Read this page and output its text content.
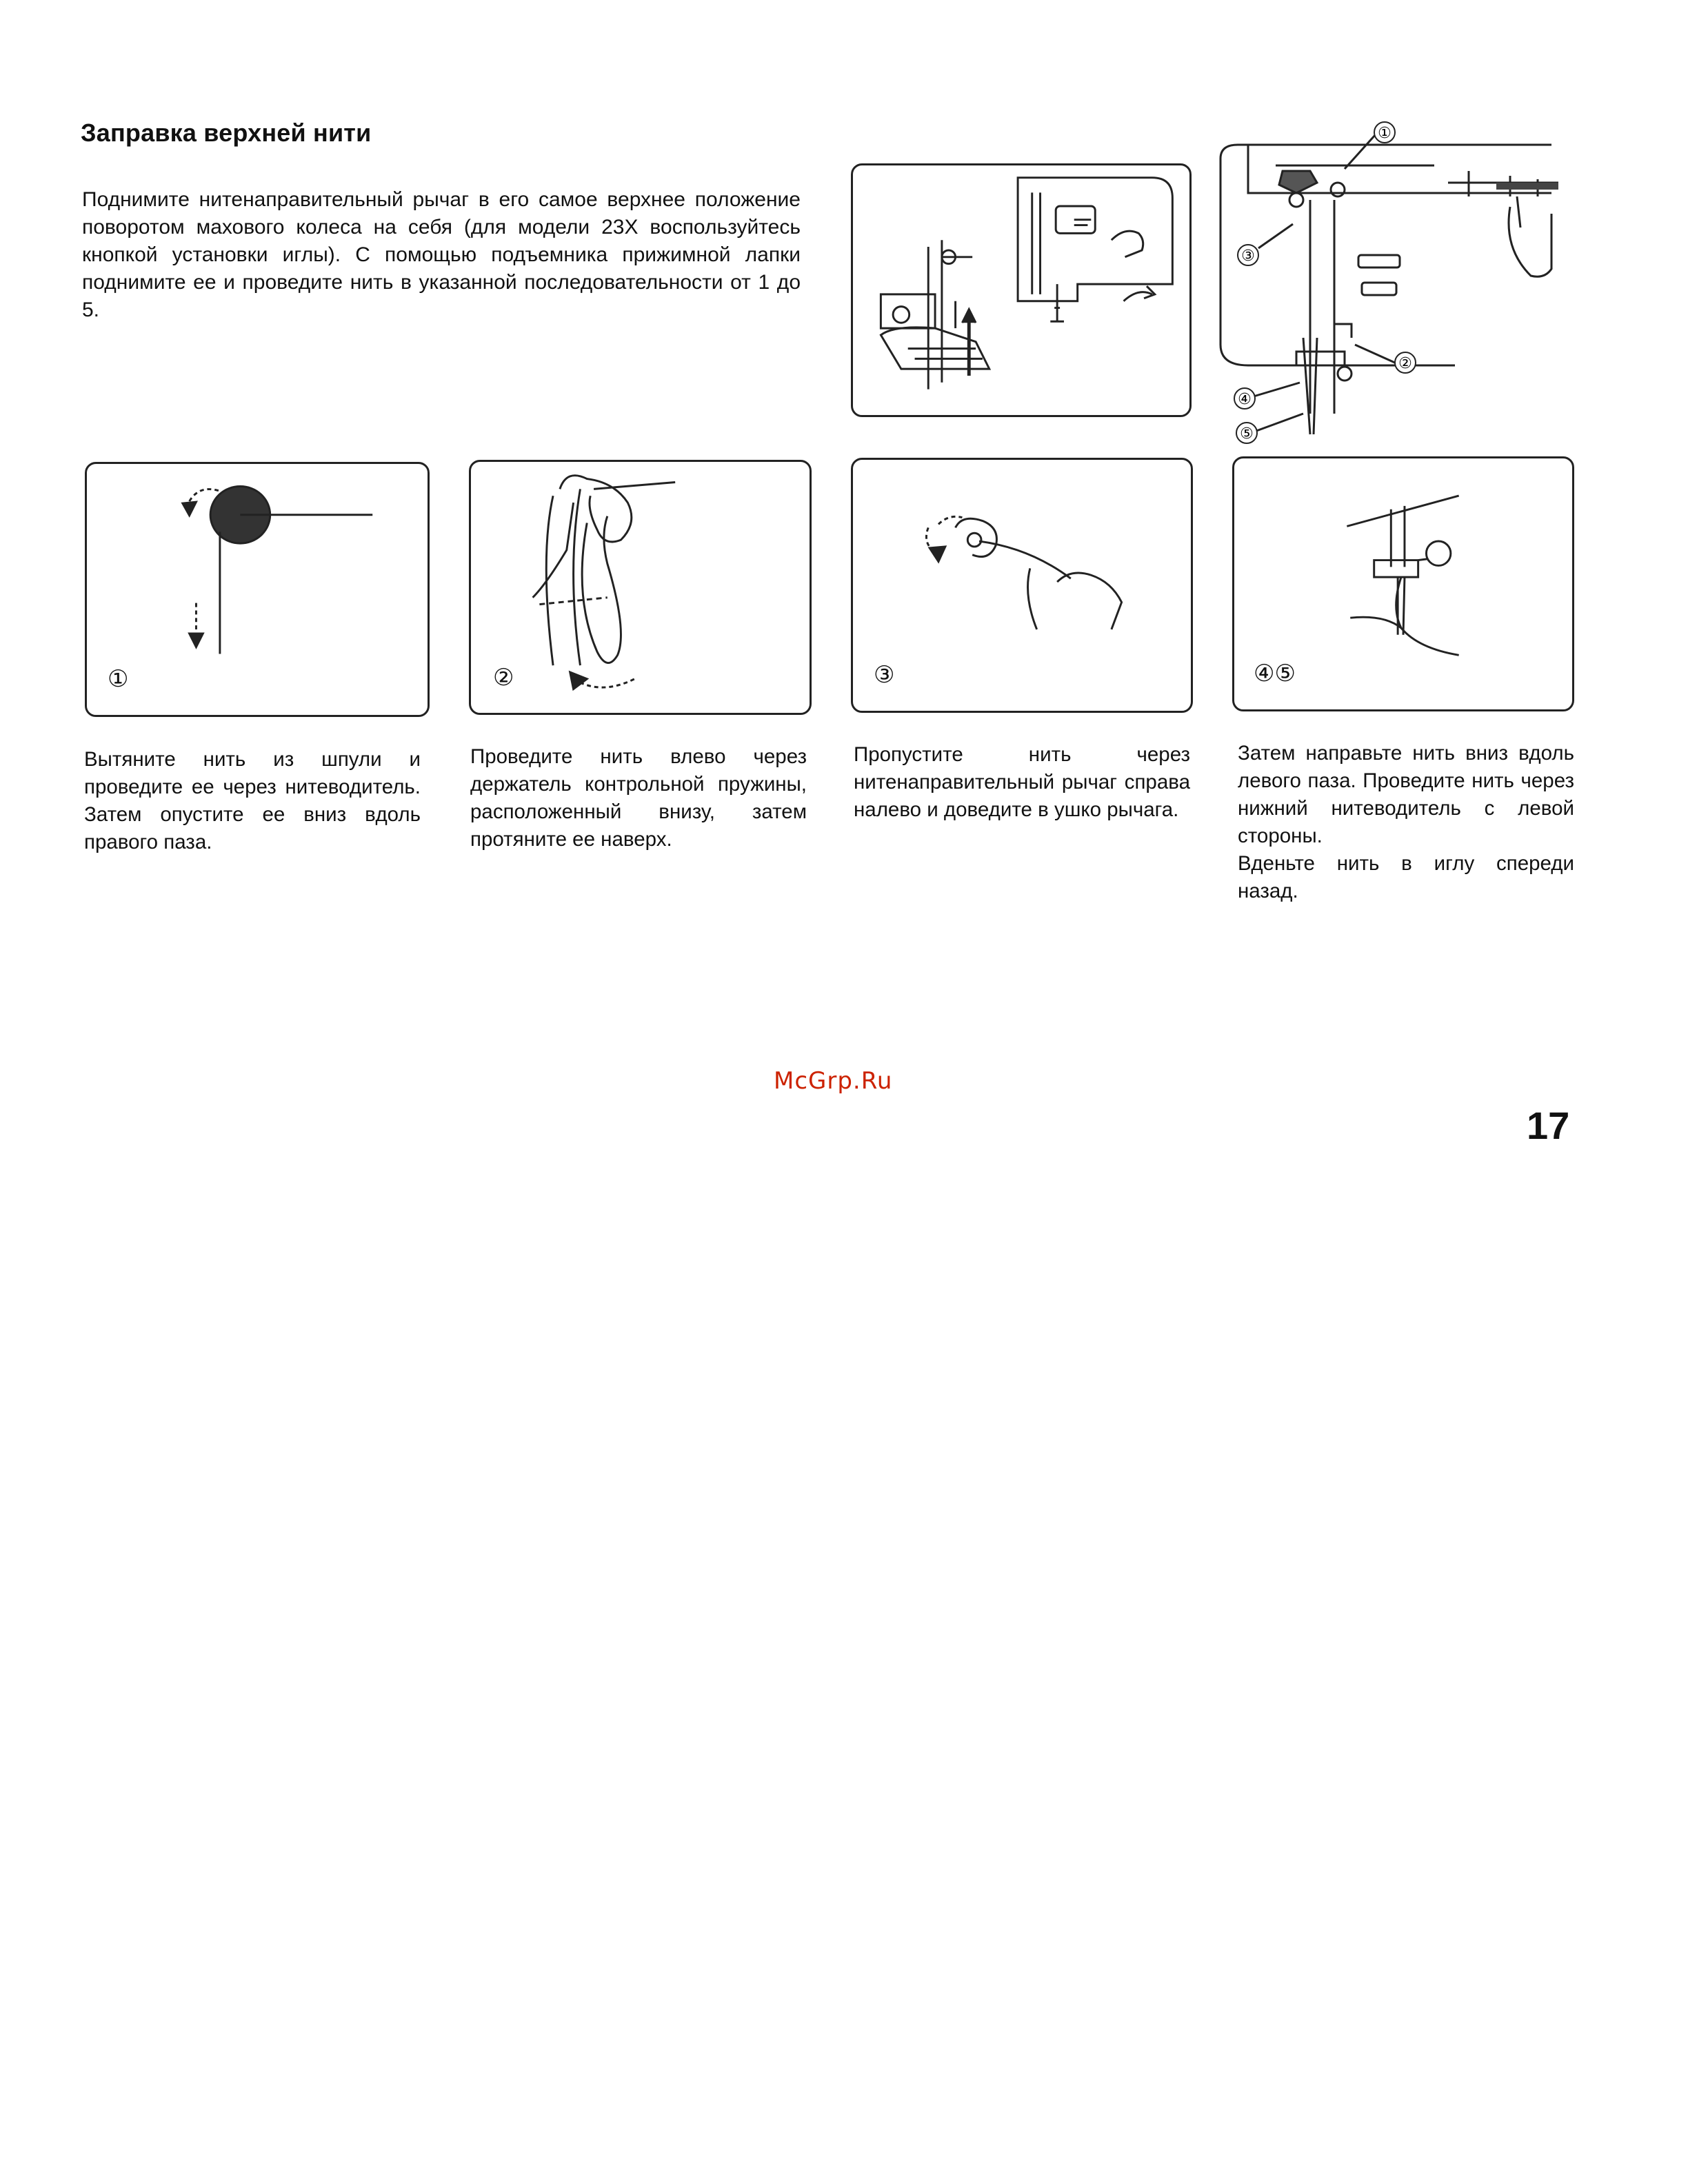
Заправка верхней нити

Поднимите нитенаправительный рычаг в его самое верхнее положение поворотом махового колеса на себя (для модели 23X воспользуйтесь кнопкой установки иглы). С помощью подъемника прижимной лапки поднимите ее и проведите нить в указанной последовательности от 1 до 5.

①
②
③
④
⑤
①	②	③	④⑤

Вытяните нить из шпули и проведите ее через нитеводитель. Затем опустите ее вниз вдоль правого паза.

Проведите нить влево через держатель контрольной пружины, расположенный внизу, затем протяните ее наверх.

Пропустите нить через нитенаправительный рычаг справа налево и доведите в ушко рычага.

Затем направьте нить вниз вдоль левого паза. Проведите нить через нижний нитеводитель с левой стороны.
Вденьте нить в иглу спереди назад.

McGrp.Ru
17
